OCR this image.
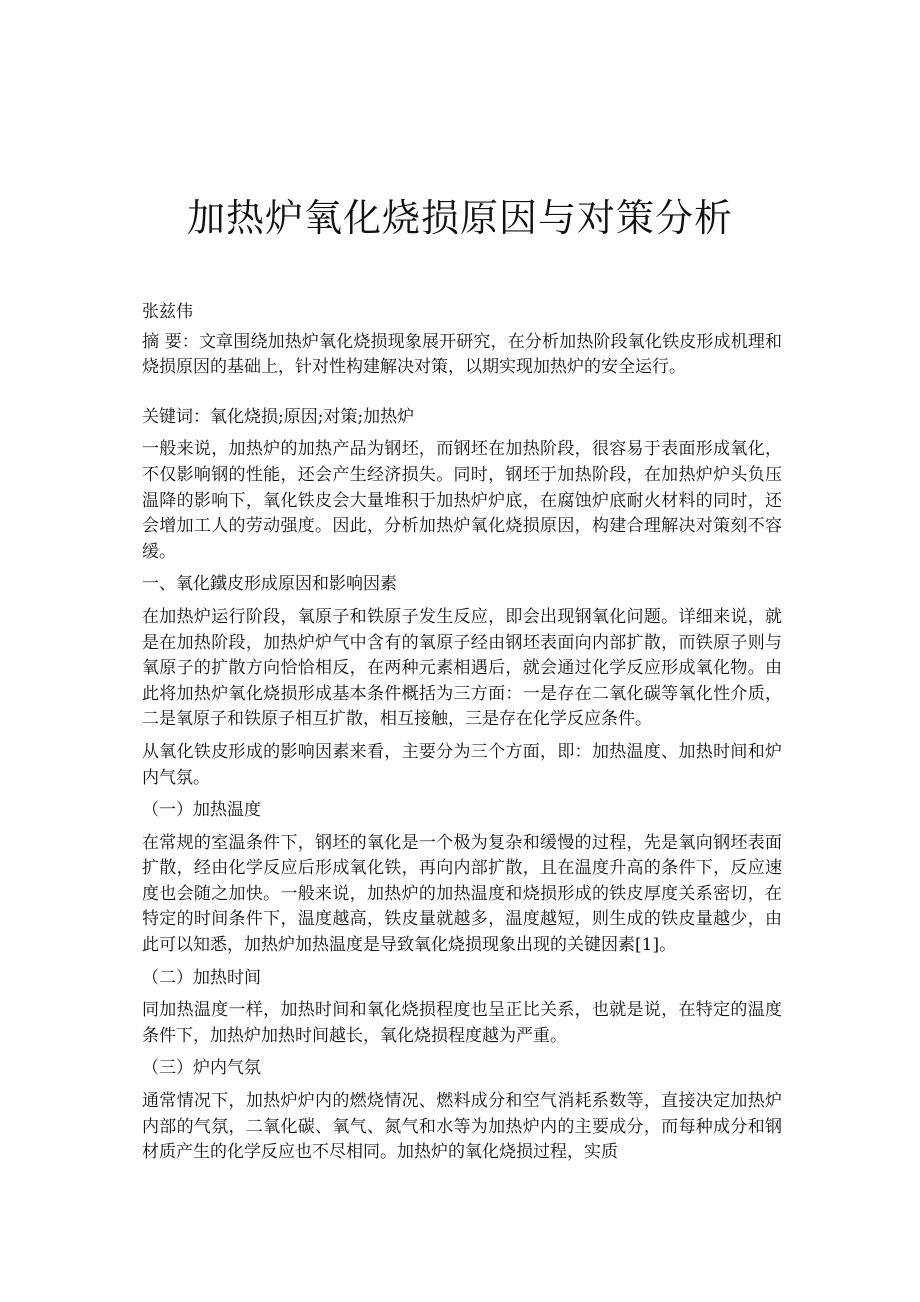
加热炉氧化烧损原因与对策分析

张兹伟

摘 要：文章围绕加热炉氧化烧损现象展开研究，在分析加热阶段氧化铁皮形成机理和烧损原因的基础上，针对性构建解决对策，以期实现加热炉的安全运行。

关键词：氧化烧损;原因;对策;加热炉

一般来说，加热炉的加热产品为钢坯，而钢坯在加热阶段，很容易于表面形成氧化，不仅影响钢的性能，还会产生经济损失。同时，钢坯于加热阶段，在加热炉炉头负压温降的影响下，氧化铁皮会大量堆积于加热炉炉底，在腐蚀炉底耐火材料的同时，还会增加工人的劳动强度。因此，分析加热炉氧化烧损原因，构建合理解决对策刻不容缓。

一、氧化鐵皮形成原因和影响因素

在加热炉运行阶段，氧原子和铁原子发生反应，即会出现钢氧化问题。详细来说，就是在加热阶段，加热炉炉气中含有的氧原子经由钢坯表面向内部扩散，而铁原子则与氧原子的扩散方向恰恰相反，在两种元素相遇后，就会通过化学反应形成氧化物。由此将加热炉氧化烧损形成基本条件概括为三方面：一是存在二氧化碳等氧化性介质，二是氧原子和铁原子相互扩散，相互接触，三是存在化学反应条件。

从氧化铁皮形成的影响因素来看，主要分为三个方面，即：加热温度、加热时间和炉内气氛。

（一）加热温度

在常规的室温条件下，钢坯的氧化是一个极为复杂和缓慢的过程，先是氧向钢坯表面扩散，经由化学反应后形成氧化铁，再向内部扩散，且在温度升高的条件下，反应速度也会随之加快。一般来说，加热炉的加热温度和烧损形成的铁皮厚度关系密切，在特定的时间条件下，温度越高，铁皮量就越多，温度越短，则生成的铁皮量越少，由此可以知悉，加热炉加热温度是导致氧化烧损现象出现的关键因素[1]。

（二）加热时间

同加热温度一样，加热时间和氧化烧损程度也呈正比关系，也就是说，在特定的温度条件下，加热炉加热时间越长，氧化烧损程度越为严重。

（三）炉内气氛

通常情况下，加热炉炉内的燃烧情况、燃料成分和空气消耗系数等，直接决定加热炉内部的气氛，二氧化碳、氧气、氮气和水等为加热炉内的主要成分，而每种成分和钢材质产生的化学反应也不尽相同。加热炉的氧化烧损过程，实质
